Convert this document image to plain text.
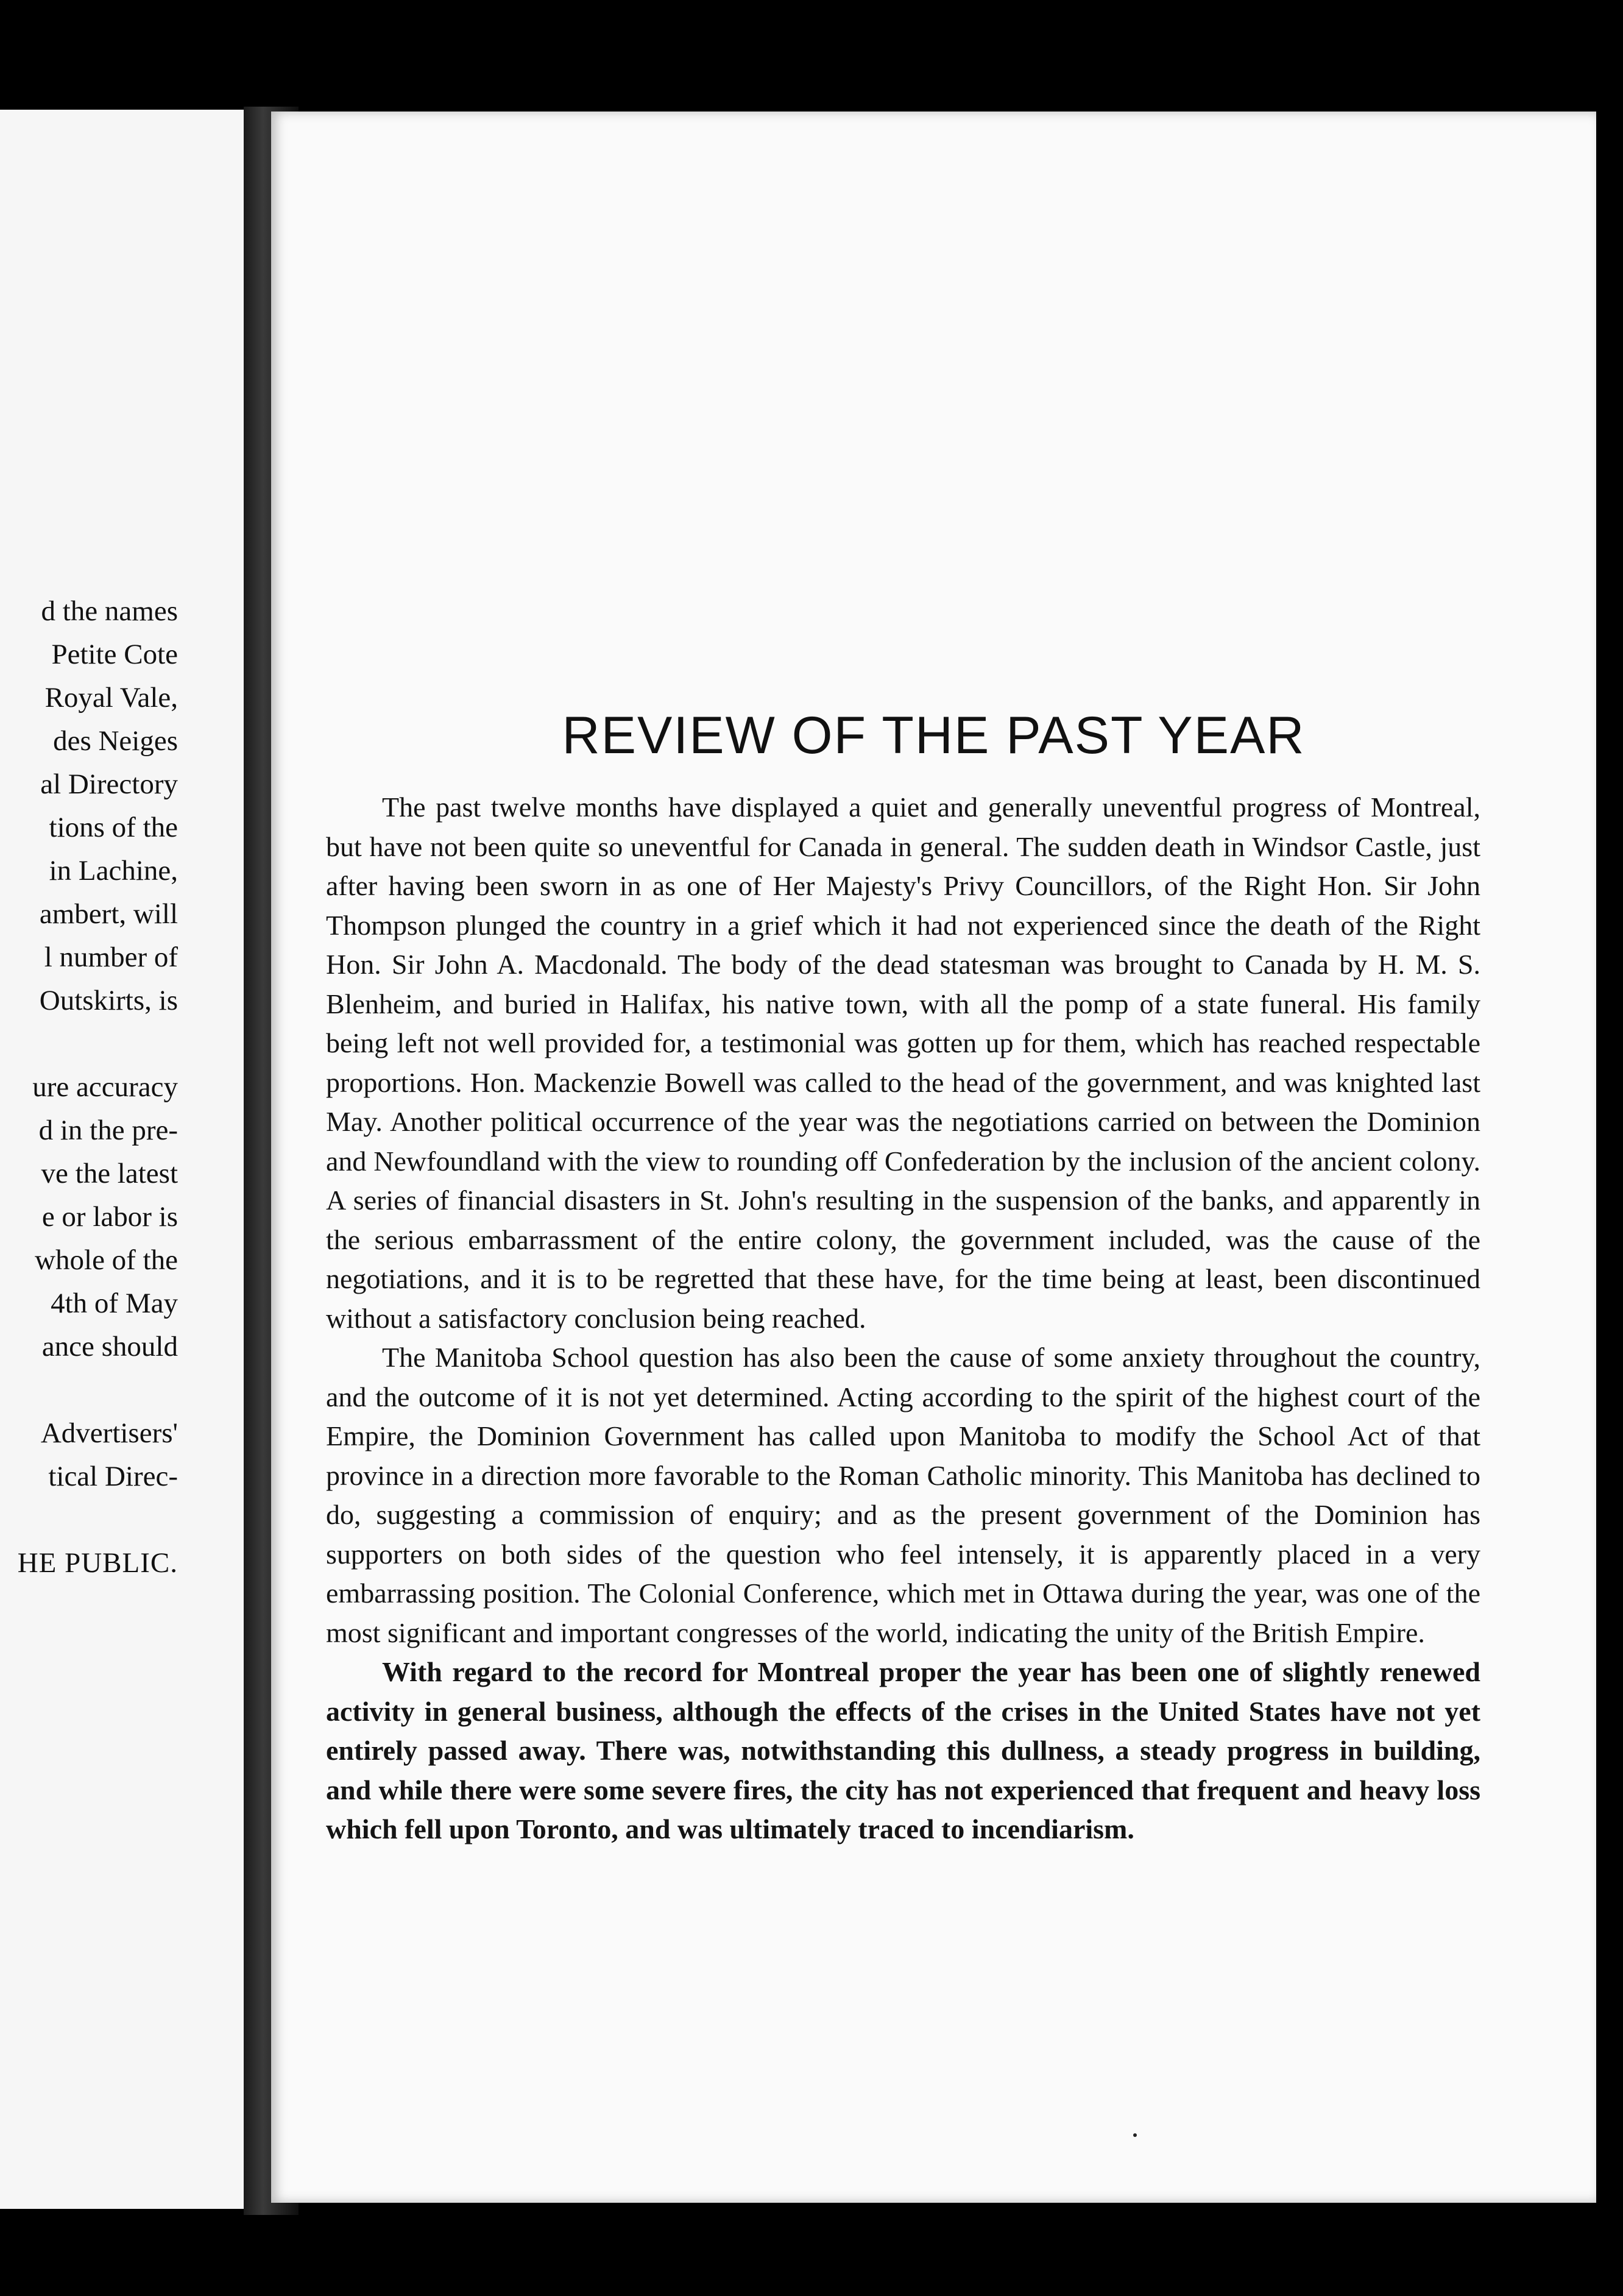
d the names
Petite Cote
Royal Vale,
des Neiges
al Directory
tions of the
in Lachine,
ambert, will
l number of
Outskirts, is
ure accuracy
d in the pre-
ve the latest
e or labor is
whole of the
4th of May
ance should
Advertisers'
tical Direc-
HE PUBLIC.
REVIEW OF THE PAST YEAR

The past twelve months have displayed a quiet and generally uneventful progress of Montreal, but have not been quite so uneventful for Canada in general. The sudden death in Windsor Castle, just after having been sworn in as one of Her Majesty's Privy Councillors, of the Right Hon. Sir John Thompson plunged the country in a grief which it had not experienced since the death of the Right Hon. Sir John A. Macdonald. The body of the dead statesman was brought to Canada by H. M. S. Blenheim, and buried in Halifax, his native town, with all the pomp of a state funeral. His family being left not well provided for, a testimonial was gotten up for them, which has reached respectable proportions. Hon. Mackenzie Bowell was called to the head of the government, and was knighted last May. Another political occurrence of the year was the negotiations carried on between the Dominion and Newfoundland with the view to rounding off Confederation by the inclusion of the ancient colony. A series of financial disasters in St. John's resulting in the suspension of the banks, and apparently in the serious embarrassment of the entire colony, the government included, was the cause of the negotiations, and it is to be regretted that these have, for the time being at least, been discontinued without a satisfactory conclusion being reached.

The Manitoba School question has also been the cause of some anxiety throughout the country, and the outcome of it is not yet determined. Acting according to the spirit of the highest court of the Empire, the Dominion Government has called upon Manitoba to modify the School Act of that province in a direction more favorable to the Roman Catholic minority. This Manitoba has declined to do, suggesting a commission of enquiry; and as the present government of the Dominion has supporters on both sides of the question who feel intensely, it is apparently placed in a very embarrassing position. The Colonial Conference, which met in Ottawa during the year, was one of the most significant and important congresses of the world, indicating the unity of the British Empire.

With regard to the record for Montreal proper the year has been one of slightly renewed activity in general business, although the effects of the crises in the United States have not yet entirely passed away. There was, notwithstanding this dullness, a steady progress in building, and while there were some severe fires, the city has not experienced that frequent and heavy loss which fell upon Toronto, and was ultimately traced to incendiarism.
